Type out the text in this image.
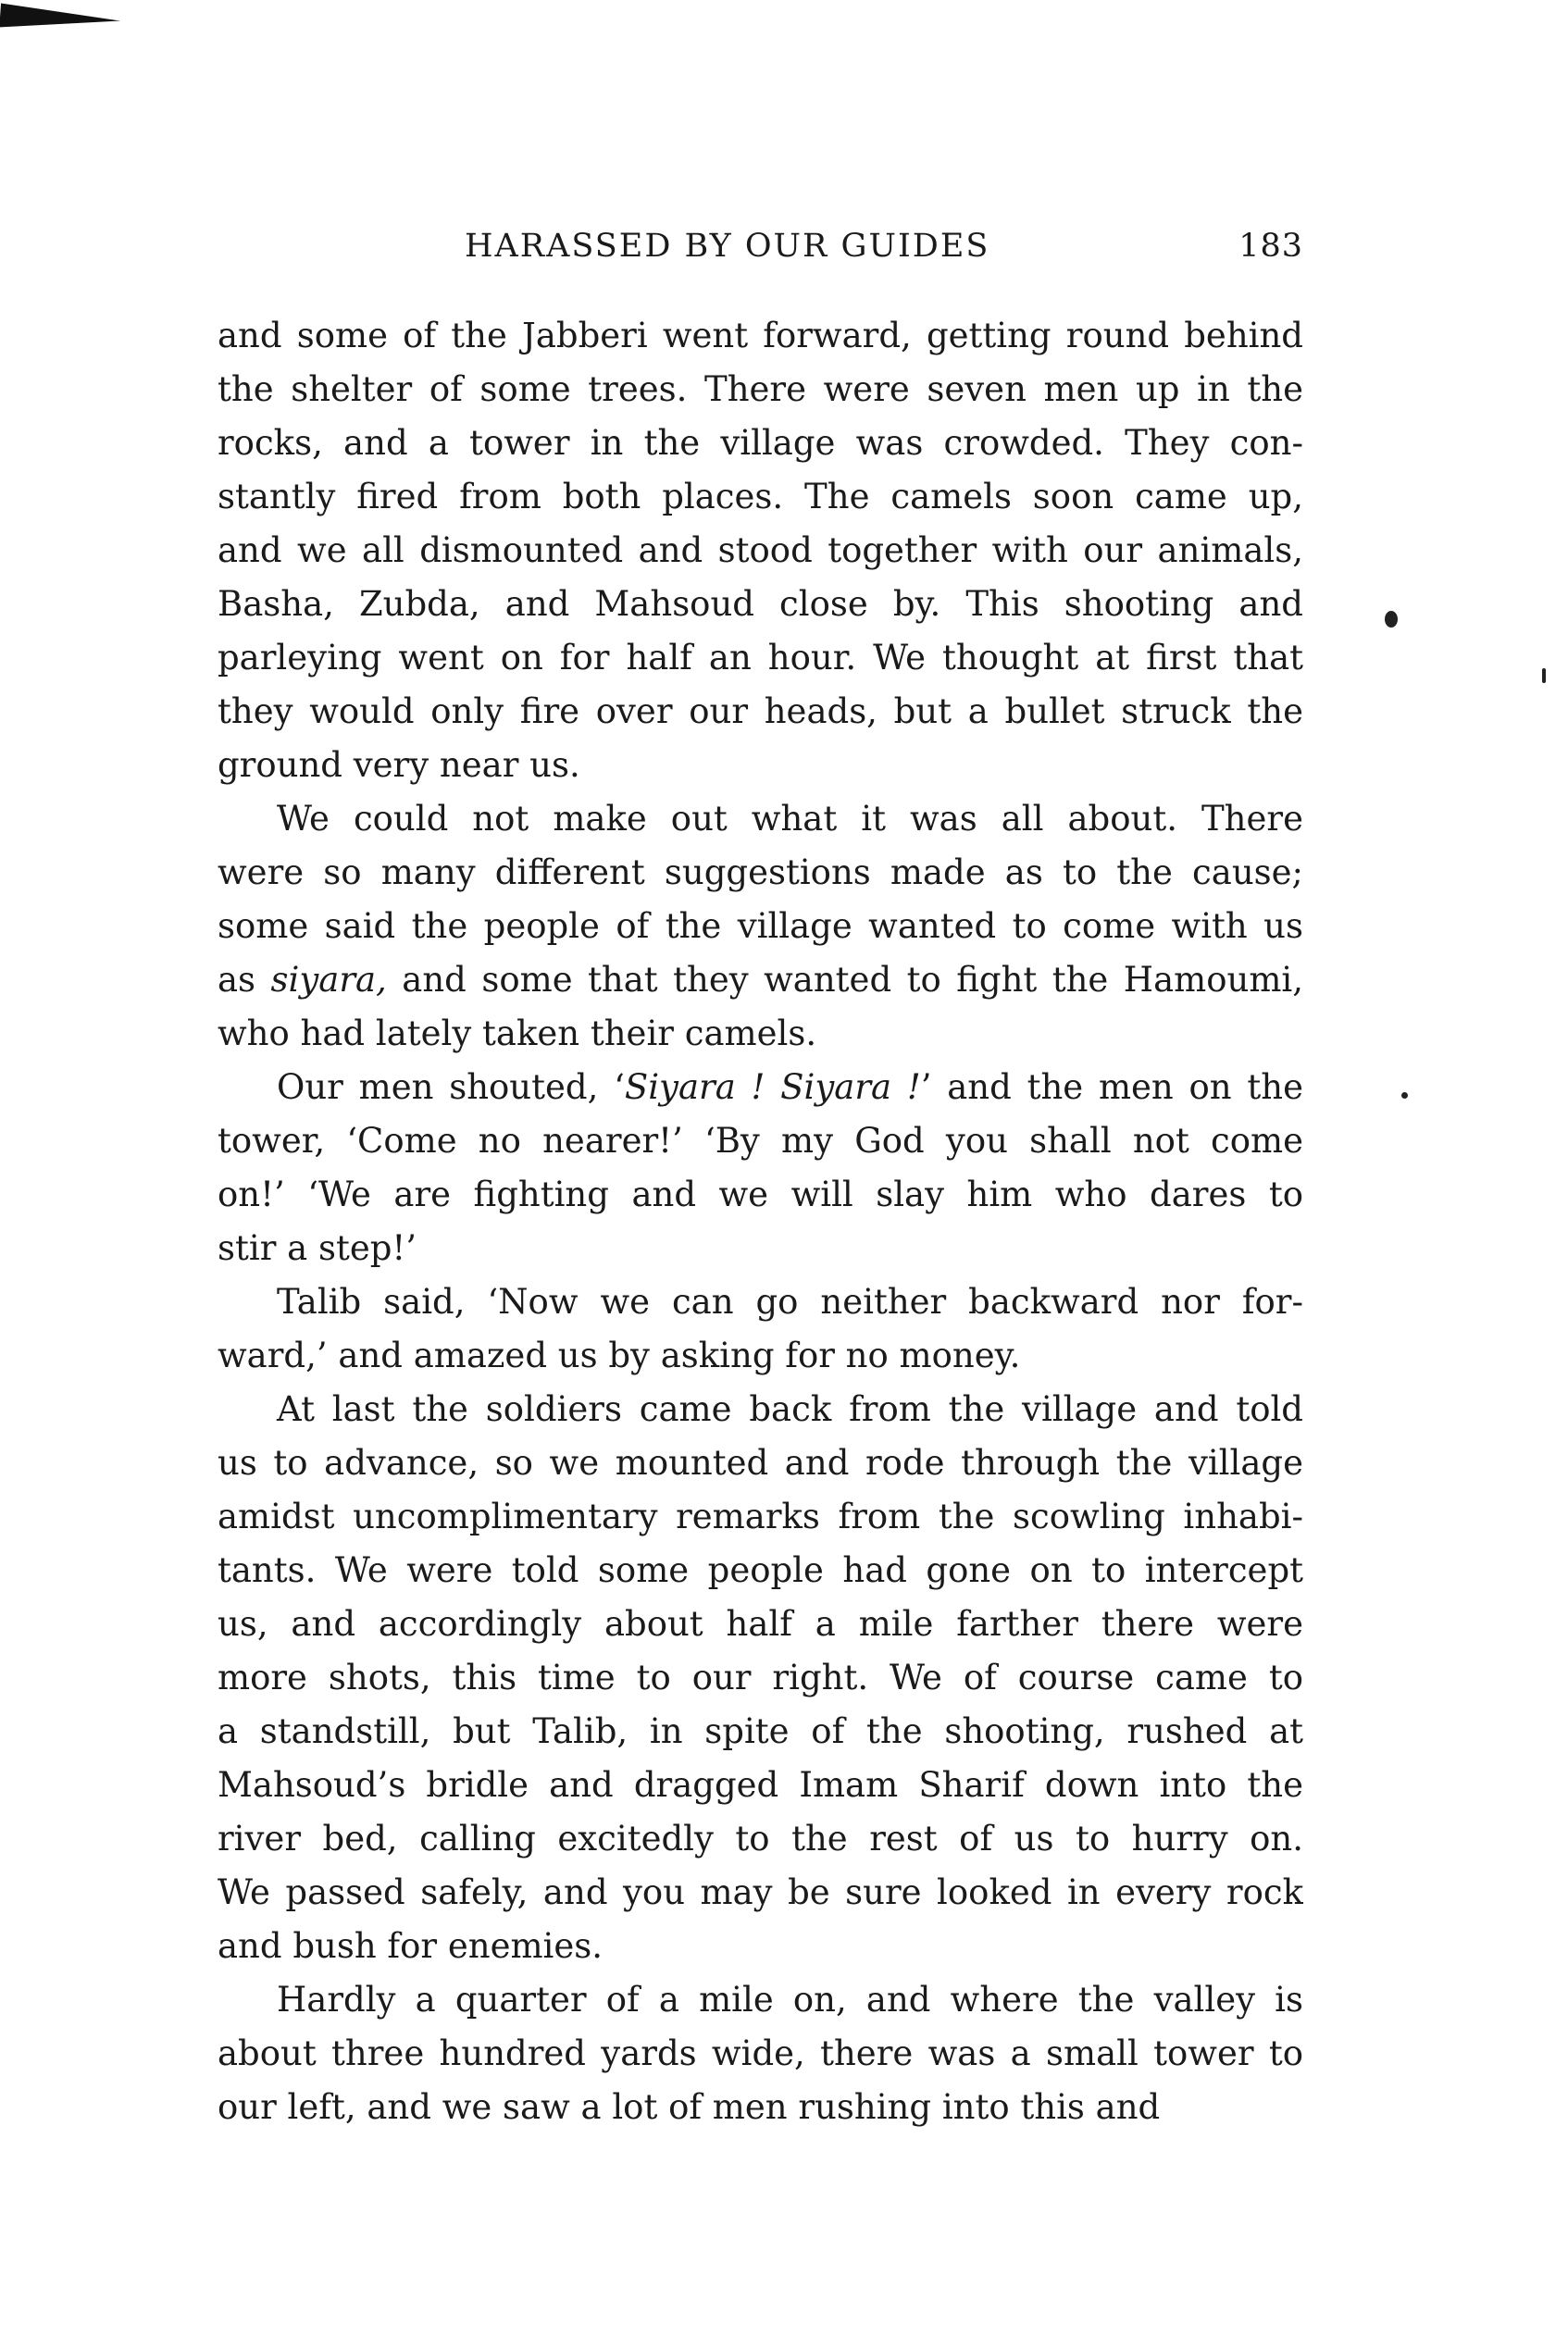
HARASSED BY OUR GUIDES	183
and some of the Jabberi went forward, getting round behind
the shelter of some trees. There were seven men up in the
rocks, and a tower in the village was crowded. They con-
stantly fired from both places. The camels soon came up,
and we all dismounted and stood together with our animals,
Basha, Zubda, and Mahsoud close by. This shooting and
parleying went on for half an hour. We thought at first that
they would only fire over our heads, but a bullet struck the
ground very near us.
We could not make out what it was all about. There
were so many different suggestions made as to the cause;
some said the people of the village wanted to come with us
as siyara, and some that they wanted to fight the Hamoumi,
who had lately taken their camels.
Our men shouted, ‘Siyara ! Siyara !’ and the men on the
tower, ‘Come no nearer!’ ‘By my God you shall not come
on!’ ‘We are fighting and we will slay him who dares to
stir a step!’
Talib said, ‘Now we can go neither backward nor for-
ward,’ and amazed us by asking for no money.
At last the soldiers came back from the village and told
us to advance, so we mounted and rode through the village
amidst uncomplimentary remarks from the scowling inhabi-
tants. We were told some people had gone on to intercept
us, and accordingly about half a mile farther there were
more shots, this time to our right. We of course came to
a standstill, but Talib, in spite of the shooting, rushed at
Mahsoud’s bridle and dragged Imam Sharif down into the
river bed, calling excitedly to the rest of us to hurry on.
We passed safely, and you may be sure looked in every rock
and bush for enemies.
Hardly a quarter of a mile on, and where the valley is
about three hundred yards wide, there was a small tower to
our left, and we saw a lot of men rushing into this and
